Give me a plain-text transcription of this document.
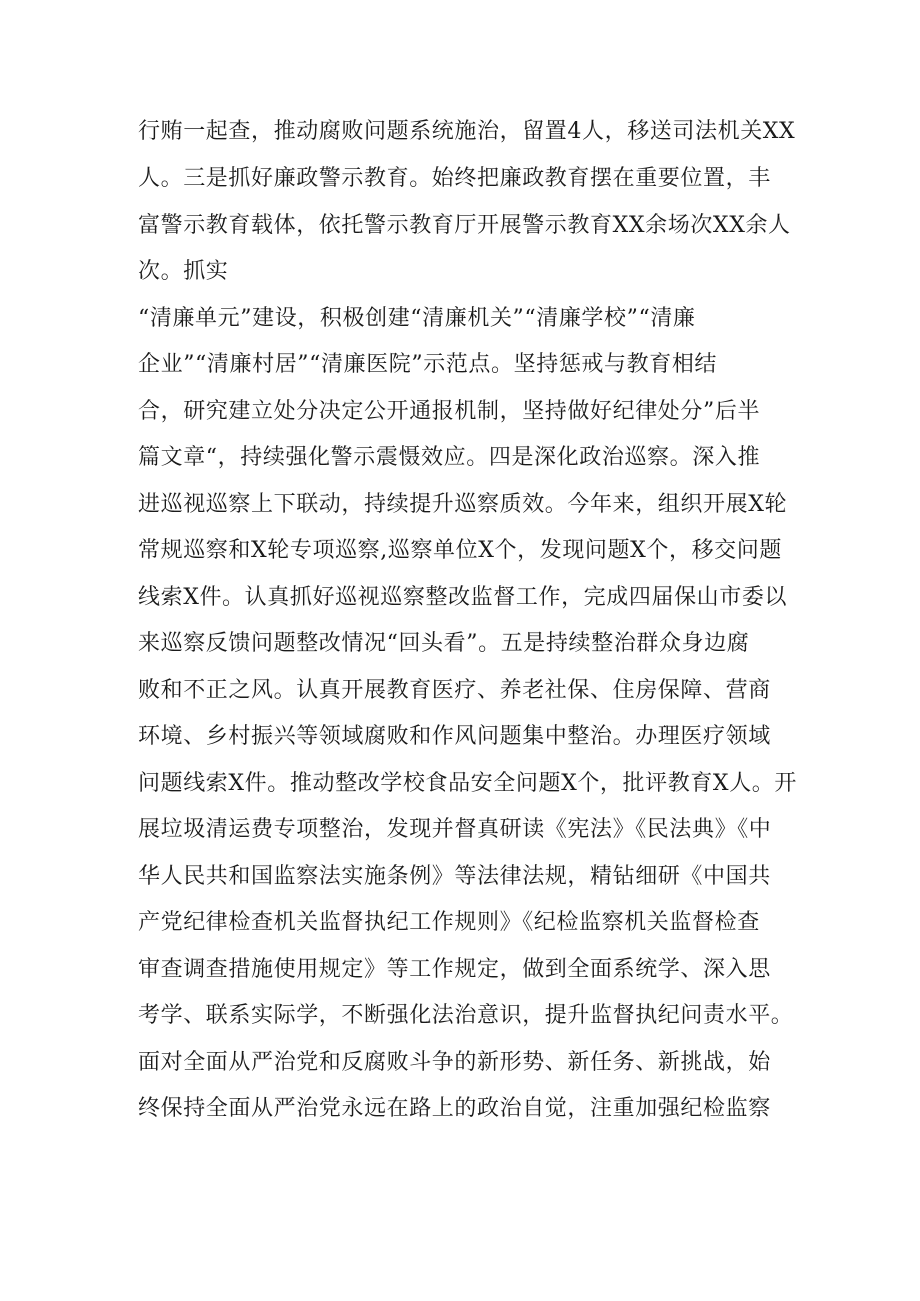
行贿一起查，推动腐败问题系统施治，留置4人，移送司法机关XX
人。三是抓好廉政警示教育。始终把廉政教育摆在重要位置，丰
富警示教育载体，依托警示教育厅开展警示教育XX余场次XX余人
次。抓实
“清廉单元”建设，积极创建“清廉机关”“清廉学校”“清廉
企业”“清廉村居”“清廉医院”示范点。坚持惩戒与教育相结
合，研究建立处分决定公开通报机制，坚持做好纪律处分”后半
篇文章“，持续强化警示震慑效应。四是深化政治巡察。深入推
进巡视巡察上下联动，持续提升巡察质效。今年来，组织开展X轮
常规巡察和X轮专项巡察,巡察单位X个，发现问题X个，移交问题
线索X件。认真抓好巡视巡察整改监督工作，完成四届保山市委以
来巡察反馈问题整改情况“回头看”。五是持续整治群众身边腐
败和不正之风。认真开展教育医疗、养老社保、住房保障、营商
环境、乡村振兴等领域腐败和作风问题集中整治。办理医疗领域
问题线索X件。推动整改学校食品安全问题X个，批评教育X人。开
展垃圾清运费专项整治，发现并督真研读《宪法》《民法典》《中
华人民共和国监察法实施条例》等法律法规，精钻细研《中国共
产党纪律检查机关监督执纪工作规则》《纪检监察机关监督检查
审查调查措施使用规定》等工作规定，做到全面系统学、深入思
考学、联系实际学，不断强化法治意识，提升监督执纪问责水平。
面对全面从严治党和反腐败斗争的新形势、新任务、新挑战，始
终保持全面从严治党永远在路上的政治自觉，注重加强纪检监察
